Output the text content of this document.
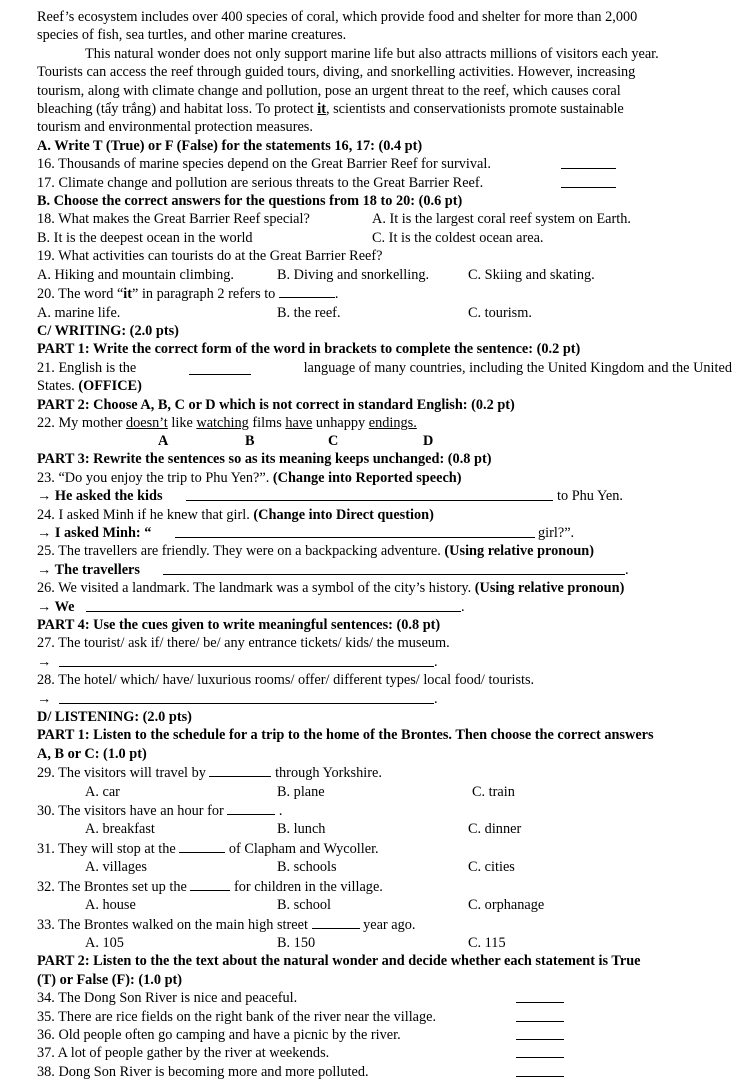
Reef’s ecosystem includes over 400 species of coral, which provide food and shelter for more than 2,000

species of fish, sea turtles, and other marine creatures.

This natural wonder does not only support marine life but also attracts millions of visitors each year.

Tourists can access the reef through guided tours, diving, and snorkelling activities. However, increasing

tourism, along with climate change and pollution, pose an urgent threat to the reef, which causes coral

bleaching (tẩy trắng) and habitat loss. To protect it, scientists and conservationists promote sustainable

tourism and environmental protection measures.

A. Write T (True) or F (False) for the statements 16, 17: (0.4 pt)

16. Thousands of marine species depend on the Great Barrier Reef for survival.
17. Climate change and pollution are serious threats to the Great Barrier Reef.

B. Choose the correct answers for the questions from 18 to 20: (0.6 pt)

18. What makes the Great Barrier Reef special?	A. It is the largest coral reef system on Earth.
B. It is the deepest ocean in the world	C. It is the coldest ocean area.

19. What activities can tourists do at the Great Barrier Reef?

A. Hiking and mountain climbing.	B. Diving and snorkelling.	C. Skiing and skating.

20. The word “it” in paragraph 2 refers to	.

A. marine life.	B. the reef.	C. tourism.

C/ WRITING: (2.0 pts)

PART 1: Write the correct form of the word in brackets to complete the sentence: (0.2 pt)

21. English is the	language of many countries, including the United Kingdom and the United

States. (OFFICE)

PART 2: Choose A, B, C or D which is not correct in standard English: (0.2 pt)

22. My mother doesn’t like watching films have unhappy endings.

A	B	C	D

PART 3: Rewrite the sentences so as its meaning keeps unchanged: (0.8 pt)

23. “Do you enjoy the trip to Phu Yen?”. (Change into Reported speech)

→ He asked the kids	to Phu Yen.

24. I asked Minh if he knew that girl. (Change into Direct question)

→ I asked Minh: “	girl?”.

25. The travellers are friendly. They were on a backpacking adventure. (Using relative pronoun)

→ The travellers	.

26. We visited a landmark. The landmark was a symbol of the city’s history. (Using relative pronoun)

→ We	.

PART 4: Use the cues given to write meaningful sentences: (0.8 pt)

27. The tourist/ ask if/ there/ be/ any entrance tickets/ kids/ the museum.

→	.

28. The hotel/ which/ have/ luxurious rooms/ offer/ different types/ local food/ tourists.

→	.

D/ LISTENING: (2.0 pts)

PART 1: Listen to the schedule for a trip to the home of the Brontes. Then choose the correct answers

A, B or C: (1.0 pt)

29. The visitors will travel by	through Yorkshire.

A. car	B. plane	C. train

30. The visitors have an hour for	.

A. breakfast	B. lunch	C. dinner

31. They will stop at the	of Clapham and Wycoller.

A. villages	B. schools	C. cities

32. The Brontes set up the	for children in the village.

A. house	B. school	C. orphanage

33. The Brontes walked on the main high street	year ago.

A. 105	B. 150	C. 115

PART 2: Listen to the the text about the natural wonder and decide whether each statement is True

(T) or False (F): (1.0 pt)

34. The Dong Son River is nice and peaceful.
35. There are rice fields on the right bank of the river near the village.
36. Old people often go camping and have a picnic by the river.
37. A lot of people gather by the river at weekends.
38. Dong Son River is becoming more and more polluted.
